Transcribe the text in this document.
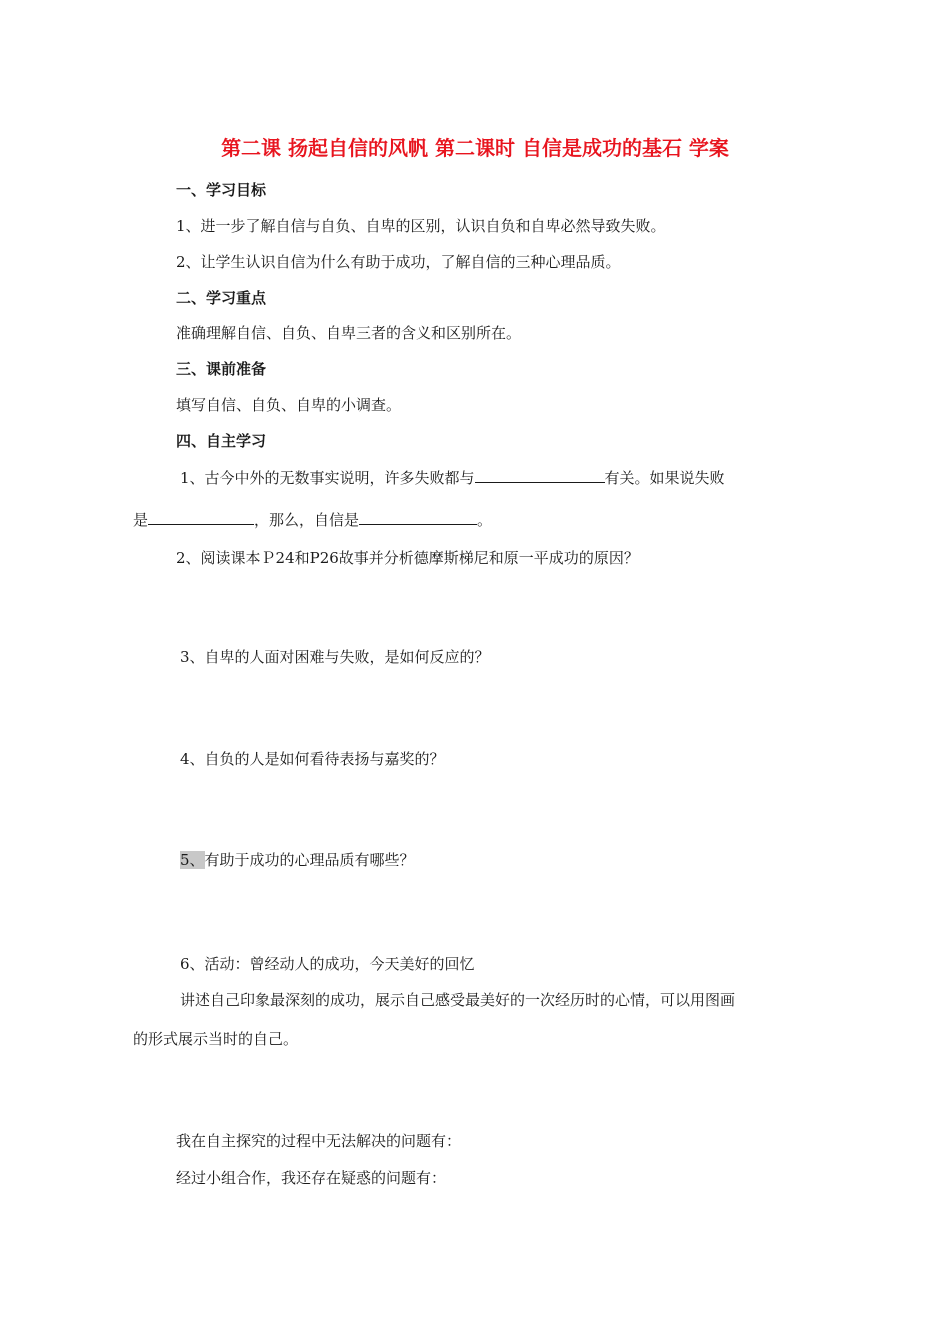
第二课 扬起自信的风帆 第二课时 自信是成功的基石 学案
一、学习目标
1、进一步了解自信与自负、自卑的区别，认识自负和自卑必然导致失败。
2、让学生认识自信为什么有助于成功，了解自信的三种心理品质。
二、学习重点
准确理解自信、自负、自卑三者的含义和区别所在。
三、课前准备
填写自信、自负、自卑的小调查。
四、自主学习
1、古今中外的无数事实说明，许多失败都与	有关。如果说失败
是	，那么，自信是	。
2、阅读课本Ｐ24和P26故事并分析德摩斯梯尼和原一平成功的原因？
3、自卑的人面对困难与失败，是如何反应的？
4、自负的人是如何看待表扬与嘉奖的？
5、有助于成功的心理品质有哪些？
6、活动：曾经动人的成功，今天美好的回忆
讲述自己印象最深刻的成功，展示自己感受最美好的一次经历时的心情，可以用图画
的形式展示当时的自己。
我在自主探究的过程中无法解决的问题有：
经过小组合作，我还存在疑惑的问题有：
